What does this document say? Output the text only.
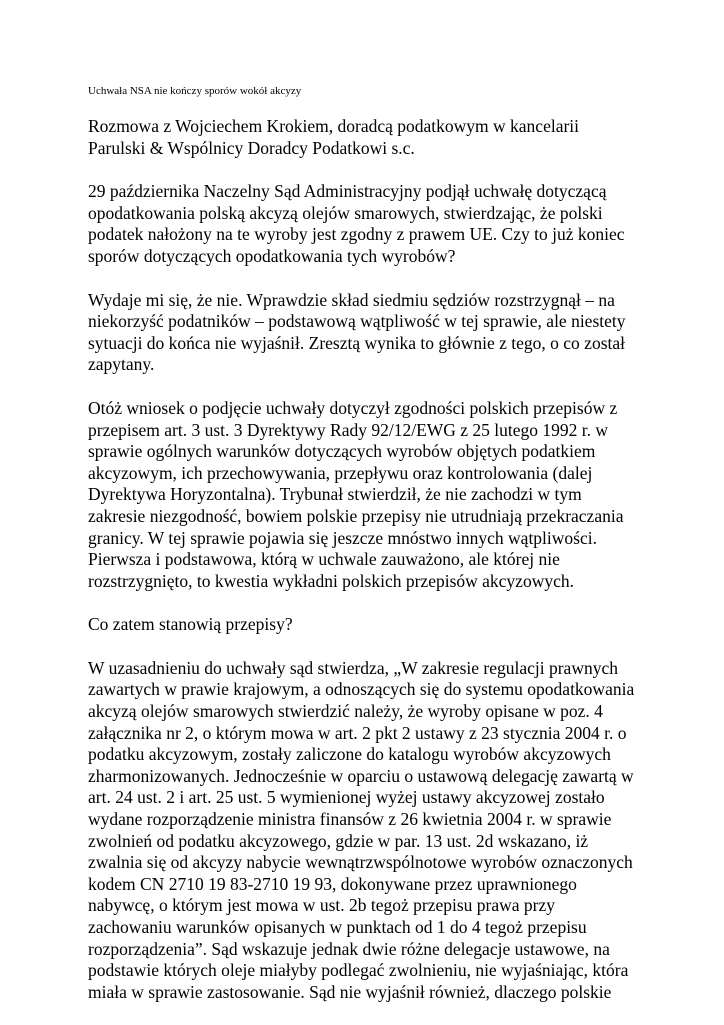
Uchwała NSA nie kończy sporów wokół akcyzy

Rozmowa z Wojciechem Krokiem, doradcą podatkowym w kancelarii
Parulski & Wspólnicy Doradcy Podatkowi s.c.

29 października Naczelny Sąd Administracyjny podjął uchwałę dotyczącą
opodatkowania polską akcyzą olejów smarowych, stwierdzając, że polski
podatek nałożony na te wyroby jest zgodny z prawem UE. Czy to już koniec
sporów dotyczących opodatkowania tych wyrobów?

Wydaje mi się, że nie. Wprawdzie skład siedmiu sędziów rozstrzygnął – na
niekorzyść podatników – podstawową wątpliwość w tej sprawie, ale niestety
sytuacji do końca nie wyjaśnił. Zresztą wynika to głównie z tego, o co został
zapytany.

Otóż wniosek o podjęcie uchwały dotyczył zgodności polskich przepisów z
przepisem art. 3 ust. 3 Dyrektywy Rady 92/12/EWG z 25 lutego 1992 r. w
sprawie ogólnych warunków dotyczących wyrobów objętych podatkiem
akcyzowym, ich przechowywania, przepływu oraz kontrolowania (dalej
Dyrektywa Horyzontalna). Trybunał stwierdził, że nie zachodzi w tym
zakresie niezgodność, bowiem polskie przepisy nie utrudniają przekraczania
granicy. W tej sprawie pojawia się jeszcze mnóstwo innych wątpliwości.
Pierwsza i podstawowa, którą w uchwale zauważono, ale której nie
rozstrzygnięto, to kwestia wykładni polskich przepisów akcyzowych.

Co zatem stanowią przepisy?

W uzasadnieniu do uchwały sąd stwierdza, „W zakresie regulacji prawnych
zawartych w prawie krajowym, a odnoszących się do systemu opodatkowania
akcyzą olejów smarowych stwierdzić należy, że wyroby opisane w poz. 4
załącznika nr 2, o którym mowa w art. 2 pkt 2 ustawy z 23 stycznia 2004 r. o
podatku akcyzowym, zostały zaliczone do katalogu wyrobów akcyzowych
zharmonizowanych. Jednocześnie w oparciu o ustawową delegację zawartą w
art. 24 ust. 2 i art. 25 ust. 5 wymienionej wyżej ustawy akcyzowej zostało
wydane rozporządzenie ministra finansów z 26 kwietnia 2004 r. w sprawie
zwolnień od podatku akcyzowego, gdzie w par. 13 ust. 2d wskazano, iż
zwalnia się od akcyzy nabycie wewnątrzwspólnotowe wyrobów oznaczonych
kodem CN 2710 19 83-2710 19 93, dokonywane przez uprawnionego
nabywcę, o którym jest mowa w ust. 2b tegoż przepisu prawa przy
zachowaniu warunków opisanych w punktach od 1 do 4 tegoż przepisu
rozporządzenia”. Sąd wskazuje jednak dwie różne delegacje ustawowe, na
podstawie których oleje miałyby podlegać zwolnieniu, nie wyjaśniając, która
miała w sprawie zastosowanie. Sąd nie wyjaśnił również, dlaczego polskie
